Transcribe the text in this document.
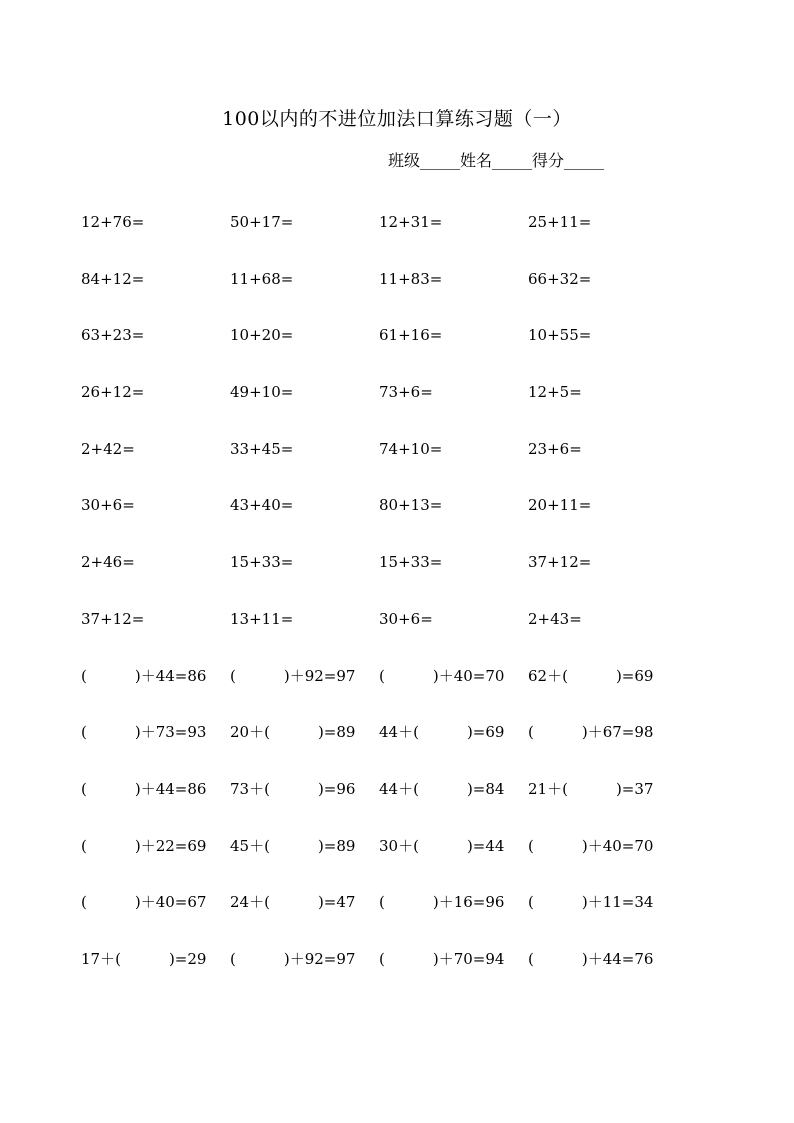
100以内的不进位加法口算练习题（一）
班级_____姓名_____得分_____
12+76=	50+17=	12+31=	25+11=
84+12=	11+68=	11+83=	66+32=
63+23=	10+20=	61+16=	10+55=
26+12=	49+10=	73+6=	12+5=
2+42=	33+45=	74+10=	23+6=
30+6=	43+40=	80+13=	20+11=
2+46=	15+33=	15+33=	37+12=
37+12=	13+11=	30+6=	2+43=
(	)＋44=86	(	)＋92=97	(	)＋40=70	62＋(	)=69
(	)＋73=93	20＋(	)=89	44＋(	)=69	(	)＋67=98
(	)＋44=86	73＋(	)=96	44＋(	)=84	21＋(	)=37
(	)＋22=69	45＋(	)=89	30＋(	)=44	(	)＋40=70
(	)＋40=67	24＋(	)=47	(	)＋16=96	(	)＋11=34
17＋(	)=29	(	)＋92=97	(	)＋70=94	(	)＋44=76
